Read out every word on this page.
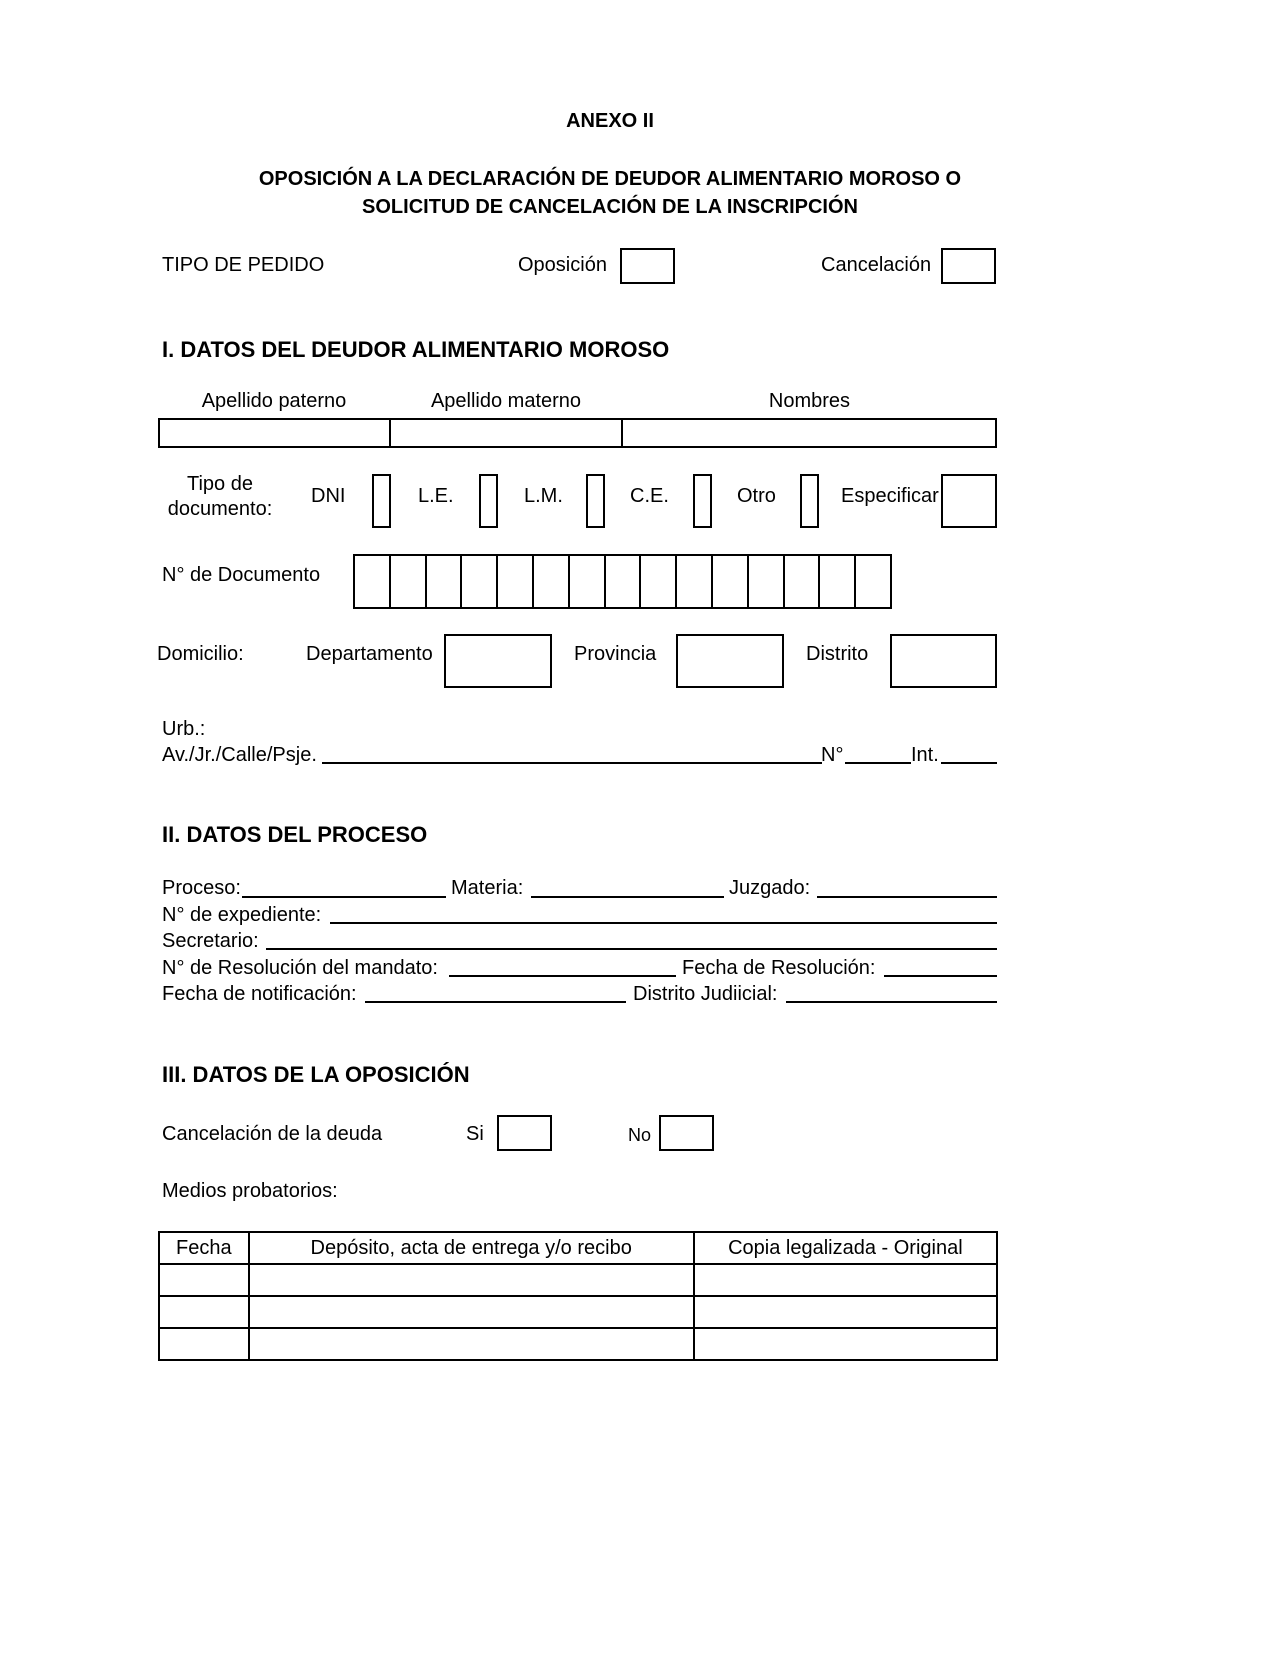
ANEXO II
OPOSICIÓN A LA DECLARACIÓN DE DEUDOR ALIMENTARIO MOROSO O
SOLICITUD DE CANCELACIÓN DE LA INSCRIPCIÓN
TIPO DE PEDIDO	Oposición	Cancelación
I. DATOS DEL DEUDOR ALIMENTARIO MOROSO
Apellido paterno	Apellido materno	Nombres
Tipo de
documento:
DNI	L.E.	L.M.	C.E.	Otro	Especificar
N° de Documento
Domicilio:	Departamento	Provincia	Distrito
Urb.:
Av./Jr./Calle/Psje.	N°	Int.
II. DATOS DEL PROCESO
Proceso:	Materia:	Juzgado:
N° de expediente:
Secretario:
N° de Resolución del mandato:	Fecha de Resolución:
Fecha de notificación:	Distrito Judiicial:
III. DATOS DE LA OPOSICIÓN
Cancelación de la deuda	Si	No
Medios probatorios:
Fecha	Depósito, acta de entrega y/o recibo	Copia legalizada - Original
